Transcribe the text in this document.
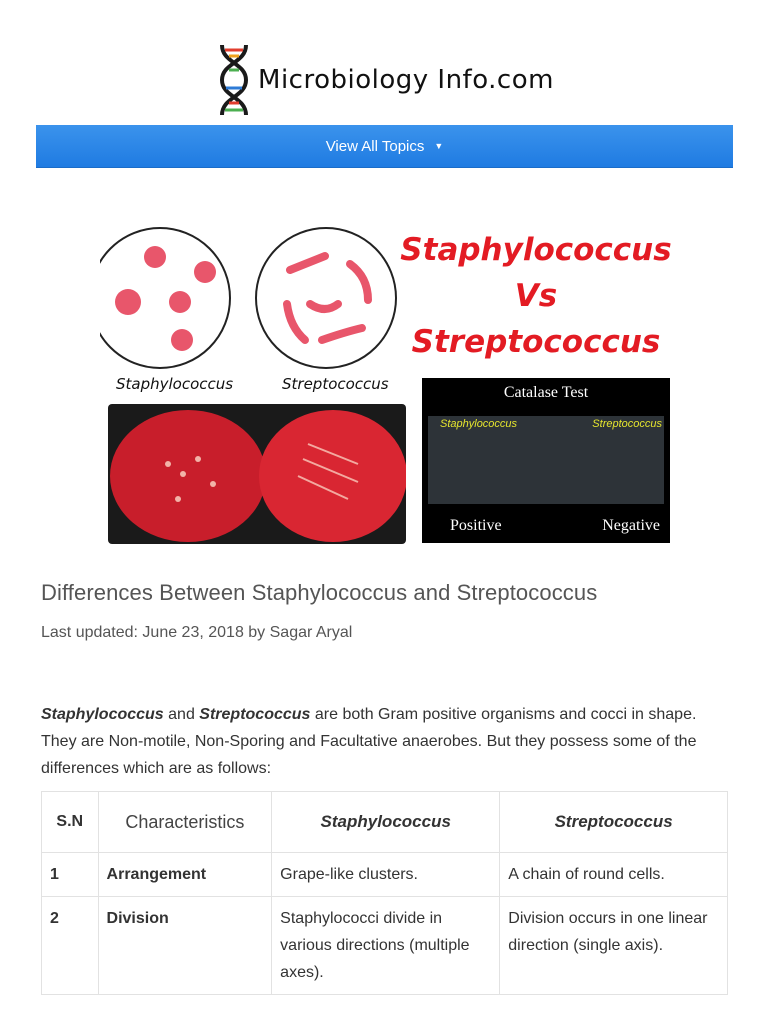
Microbiology Info.com
View All Topics ▼
Staphylococcus
Vs
Streptococcus
Staphylococcus	Streptococcus	Catalase Test
Staphylococcus	Streptococcus
Positive	Negative
Differences Between Staphylococcus and Streptococcus
Last updated: June 23, 2018 by Sagar Aryal

Staphylococcus and Streptococcus are both Gram positive organisms and cocci in shape. They are Non-motile, Non-Sporing and Facultative anaerobes. But they possess some of the differences which are as follows:

S.N	Characteristics	Staphylococcus	Streptococcus
1	Arrangement	Grape-like clusters.	A chain of round cells.
2	Division	Staphylococci divide in various directions (multiple axes).	Division occurs in one linear direction (single axis).
